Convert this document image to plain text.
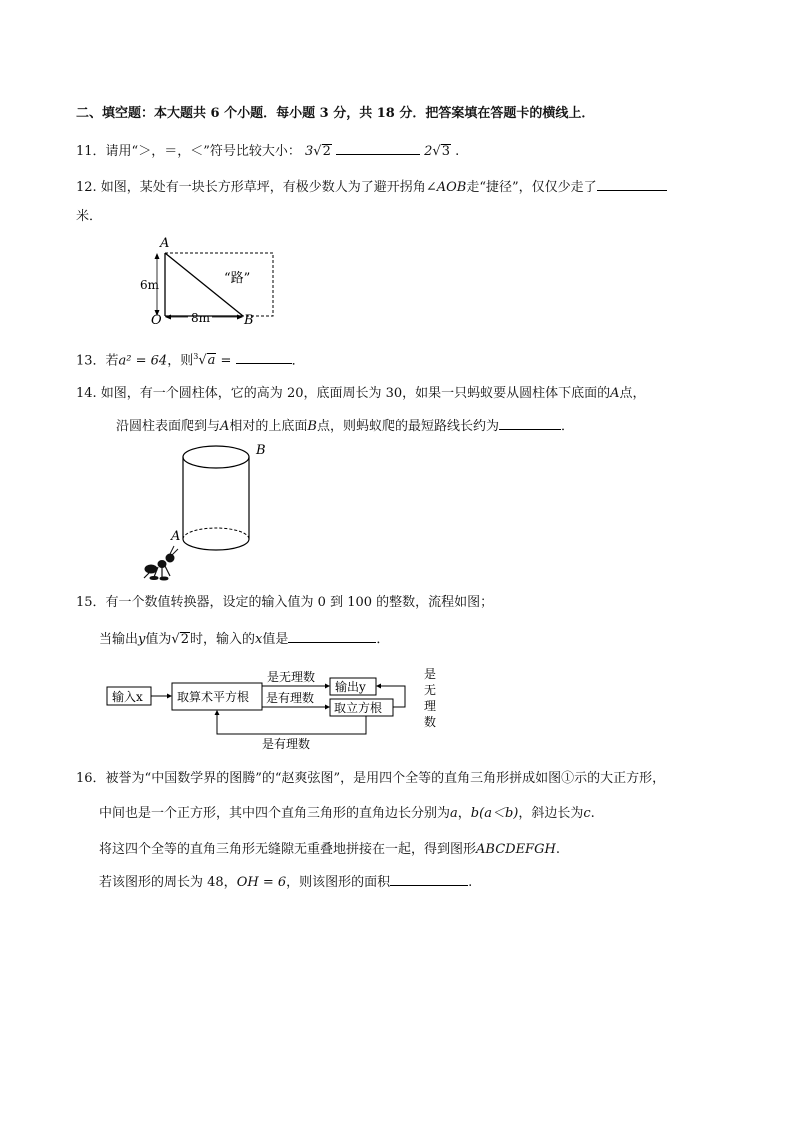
二、填空题：本大题共 6 个小题．每小题 3 分，共 18 分．把答案填在答题卡的横线上．
11．请用“＞，＝，＜”符号比较大小： 3√2	2√3 .
12. 如图，某处有一块长方形草坪，有极少数人为了避开拐角∠AOB走“捷径”，仅仅少走了
米．
A
6m
O 8m	B
“路”
13．若a² = 64，则$^3$√a =	．
14. 如图，有一个圆柱体，它的高为 20，底面周长为 30，如果一只蚂蚁要从圆柱体下底面的A点，
沿圆柱表面爬到与A相对的上底面B点，则蚂蚁爬的最短路线长约为	．
B
A
15．有一个数值转换器，设定的输入值为 0 到 100 的整数，流程如图；
当输出y值为√2时，输入的x值是	．
输入x	取算术平方根
是无理数
是有理数
输出y
取立方根
是
无
理
数
是有理数
16．被誉为“中国数学界的图腾”的“赵爽弦图”，是用四个全等的直角三角形拼成如图①示的大正方形，
中间也是一个正方形，其中四个直角三角形的直角边长分别为a，b(a＜b)，斜边长为c.
将这四个全等的直角三角形无缝隙无重叠地拼接在一起，得到图形ABCDEFGH.
若该图形的周长为 48，OH = 6，则该图形的面积	.
